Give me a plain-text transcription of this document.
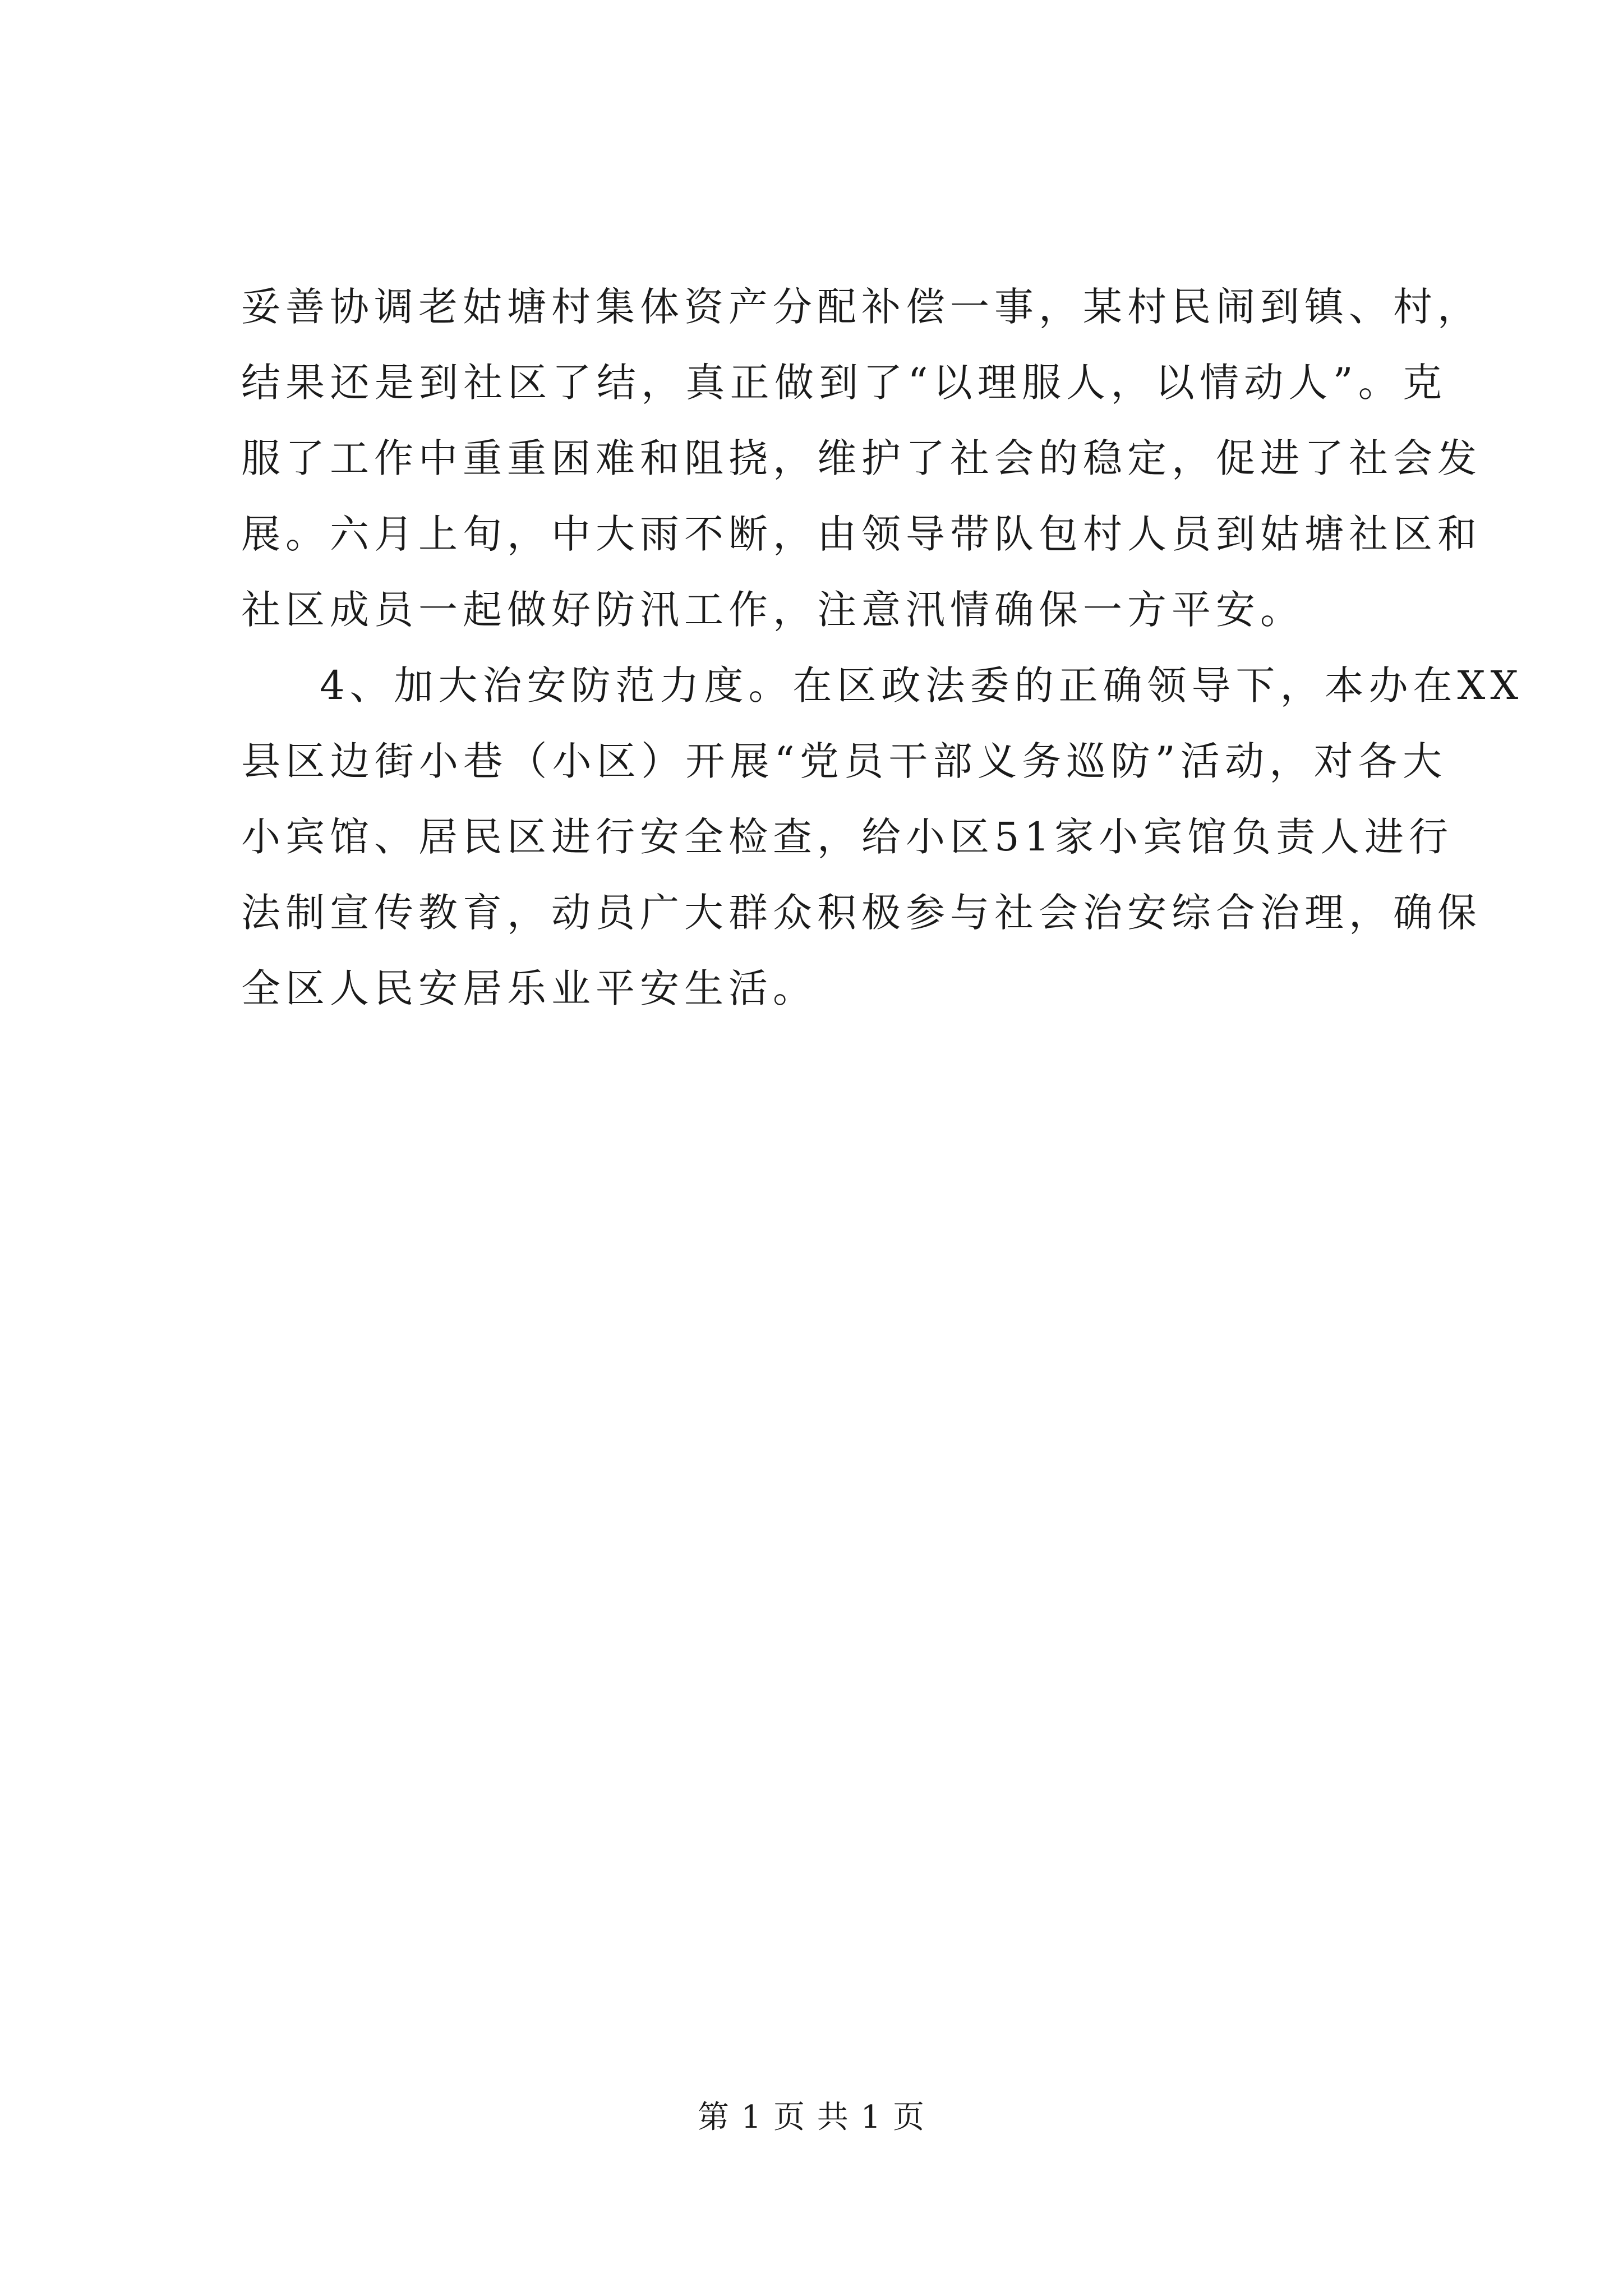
妥善协调老姑塘村集体资产分配补偿一事，某村民闹到镇、村，
结果还是到社区了结，真正做到了“以理服人，以情动人”。克
服了工作中重重困难和阻挠，维护了社会的稳定，促进了社会发
展。六月上旬，中大雨不断，由领导带队包村人员到姑塘社区和
社区成员一起做好防汛工作，注意汛情确保一方平安。
4、加大治安防范力度。在区政法委的正确领导下，本办在XX
县区边街小巷（小区）开展“党员干部义务巡防”活动，对各大
小宾馆、居民区进行安全检查，给小区51家小宾馆负责人进行
法制宣传教育，动员广大群众积极参与社会治安综合治理，确保
全区人民安居乐业平安生活。
第 1 页 共 1 页
